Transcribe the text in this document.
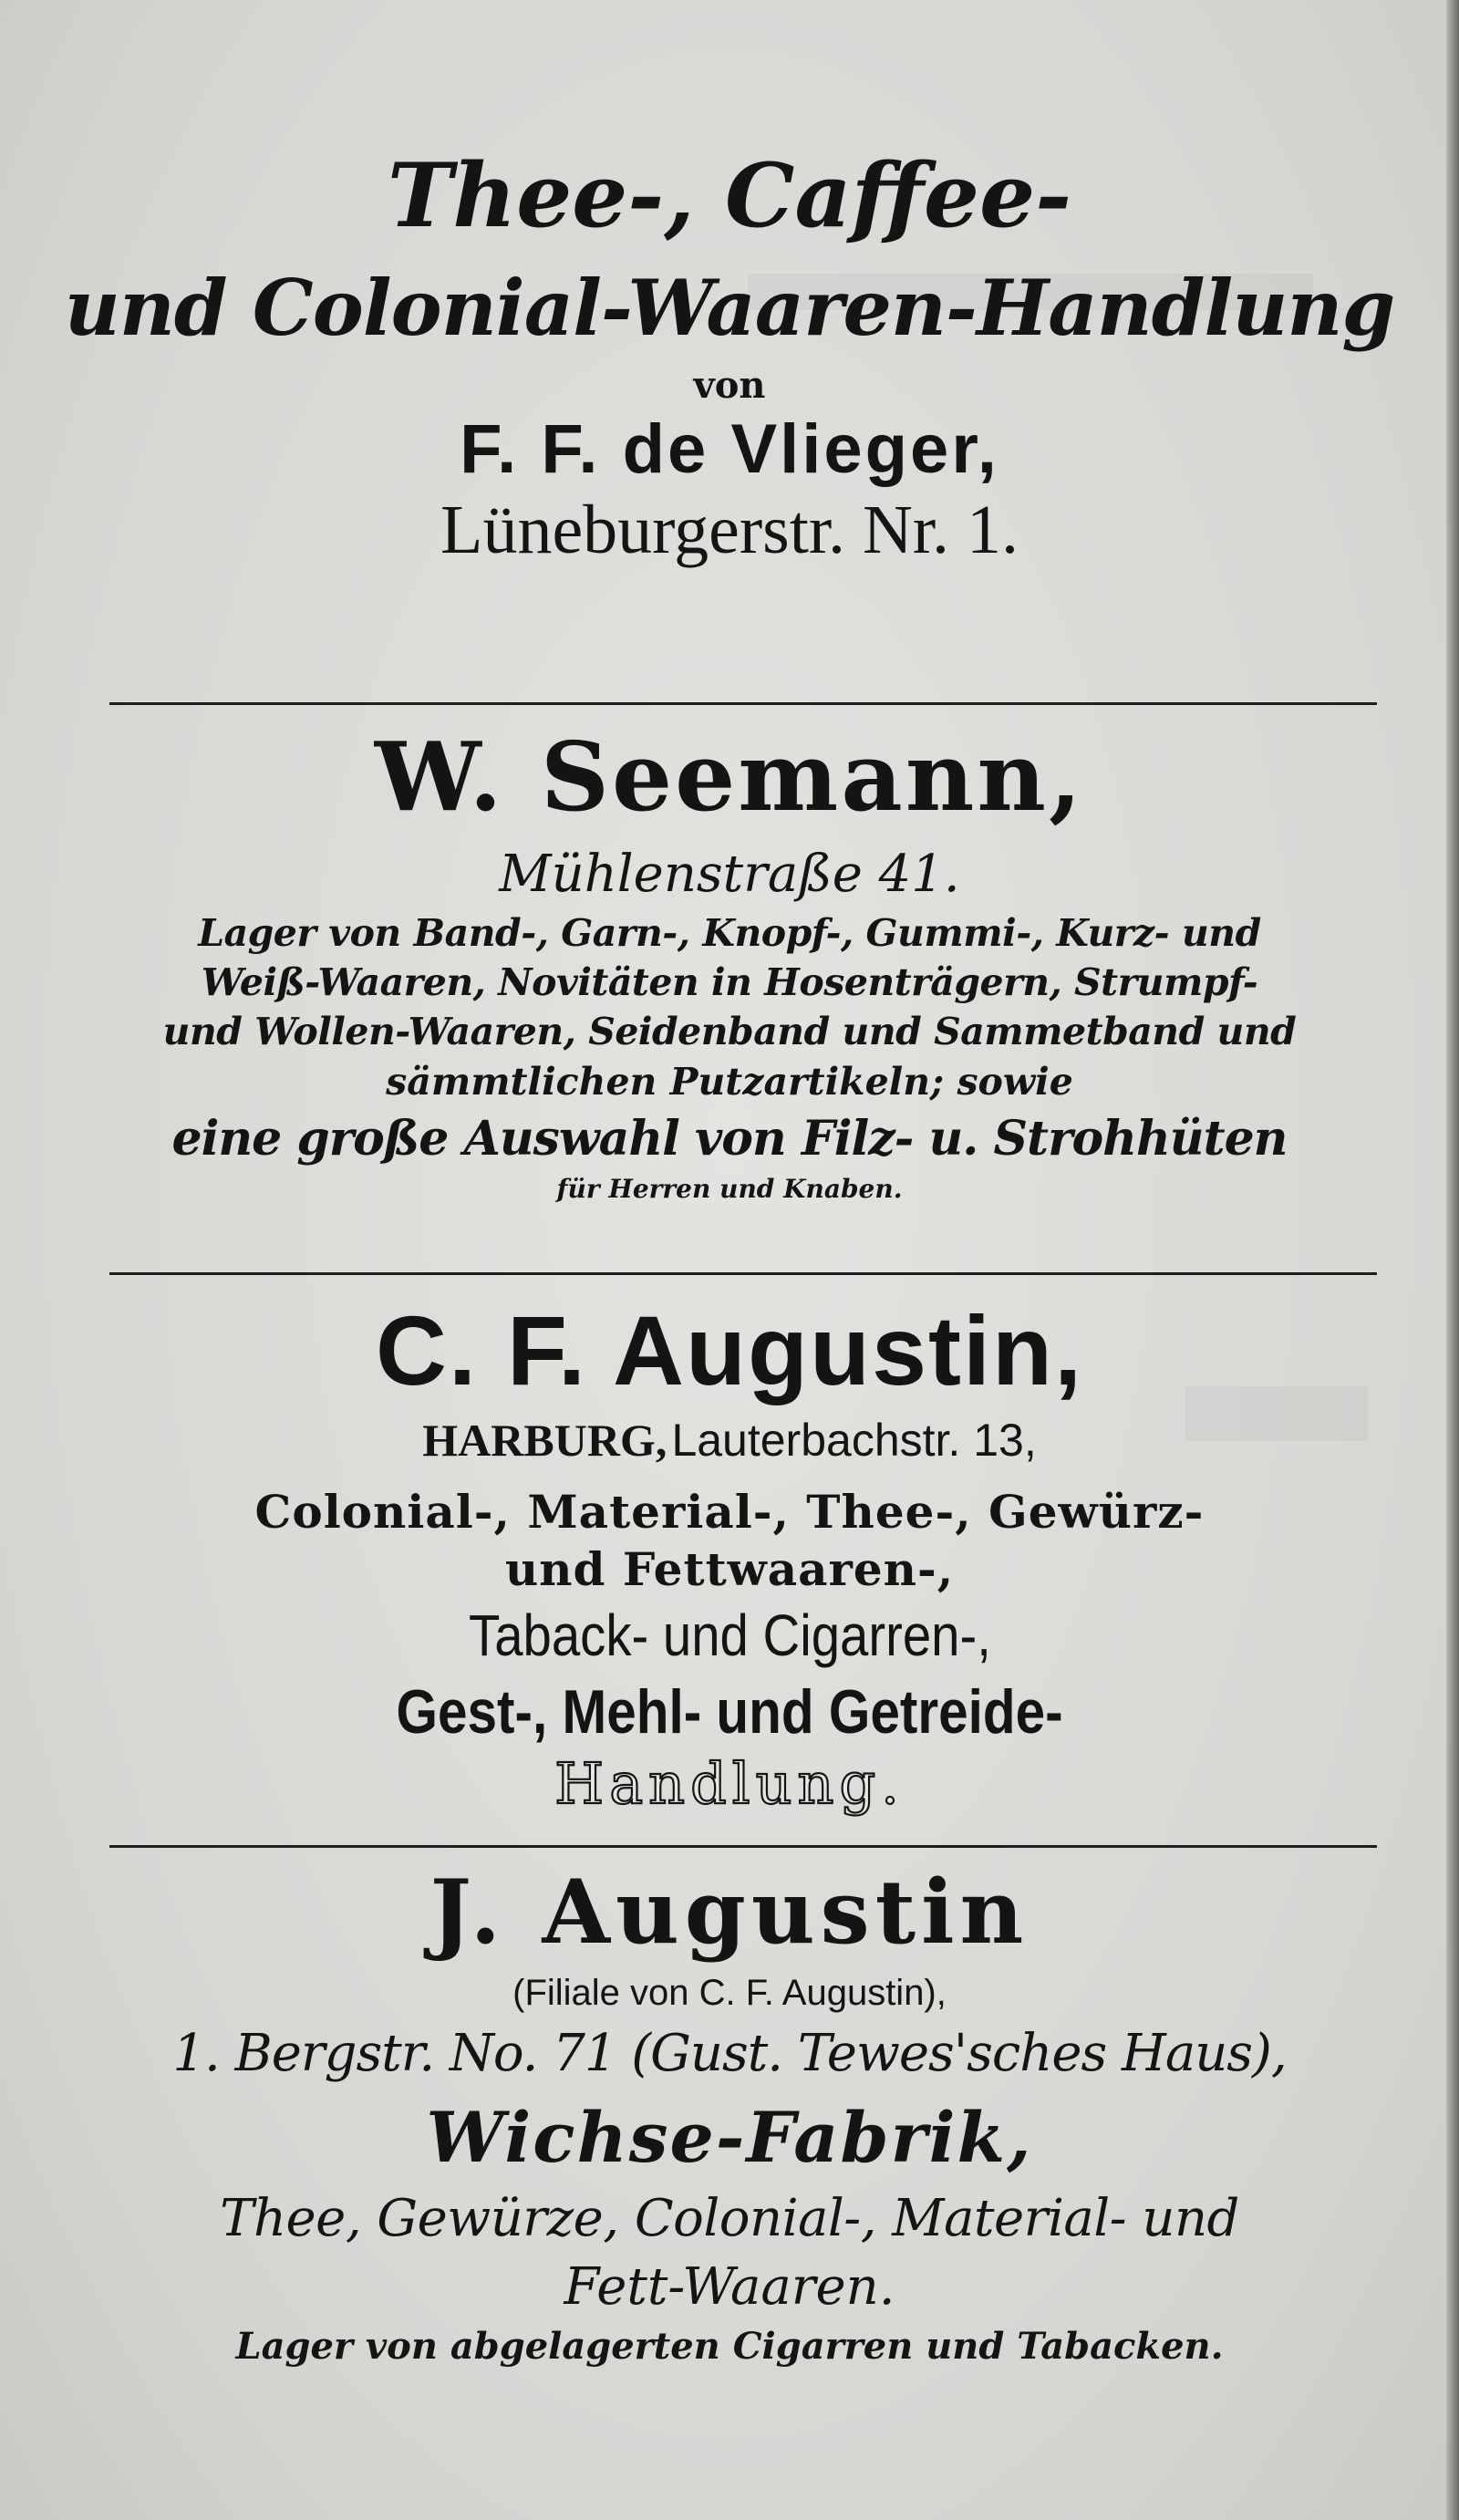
Thee-, Caffee-
und Colonial-Waaren-Handlung
von
F. F. de Vlieger,
Lüneburgerstr. Nr. 1.
W. Seemann,
Mühlenstraße 41.
Lager von Band-, Garn-, Knopf-, Gummi-, Kurz- und
Weiß-Waaren, Novitäten in Hosenträgern, Strumpf-
und Wollen-Waaren, Seidenband und Sammetband und
sämmtlichen Putzartikeln; sowie
eine große Auswahl von Filz- u. Strohhüten
für Herren und Knaben.
C. F. Augustin,
HARBURG, Lauterbachstr. 13,
Colonial-, Material-, Thee-, Gewürz-
und Fettwaaren-,
Taback- und Cigarren-,
Gest-, Mehl- und Getreide-
Handlung.
J. Augustin
(Filiale von C. F. Augustin),
1. Bergstr. No. 71 (Gust. Tewes'sches Haus),
Wichse-Fabrik,
Thee, Gewürze, Colonial-, Material- und
Fett-Waaren.
Lager von abgelagerten Cigarren und Tabacken.
